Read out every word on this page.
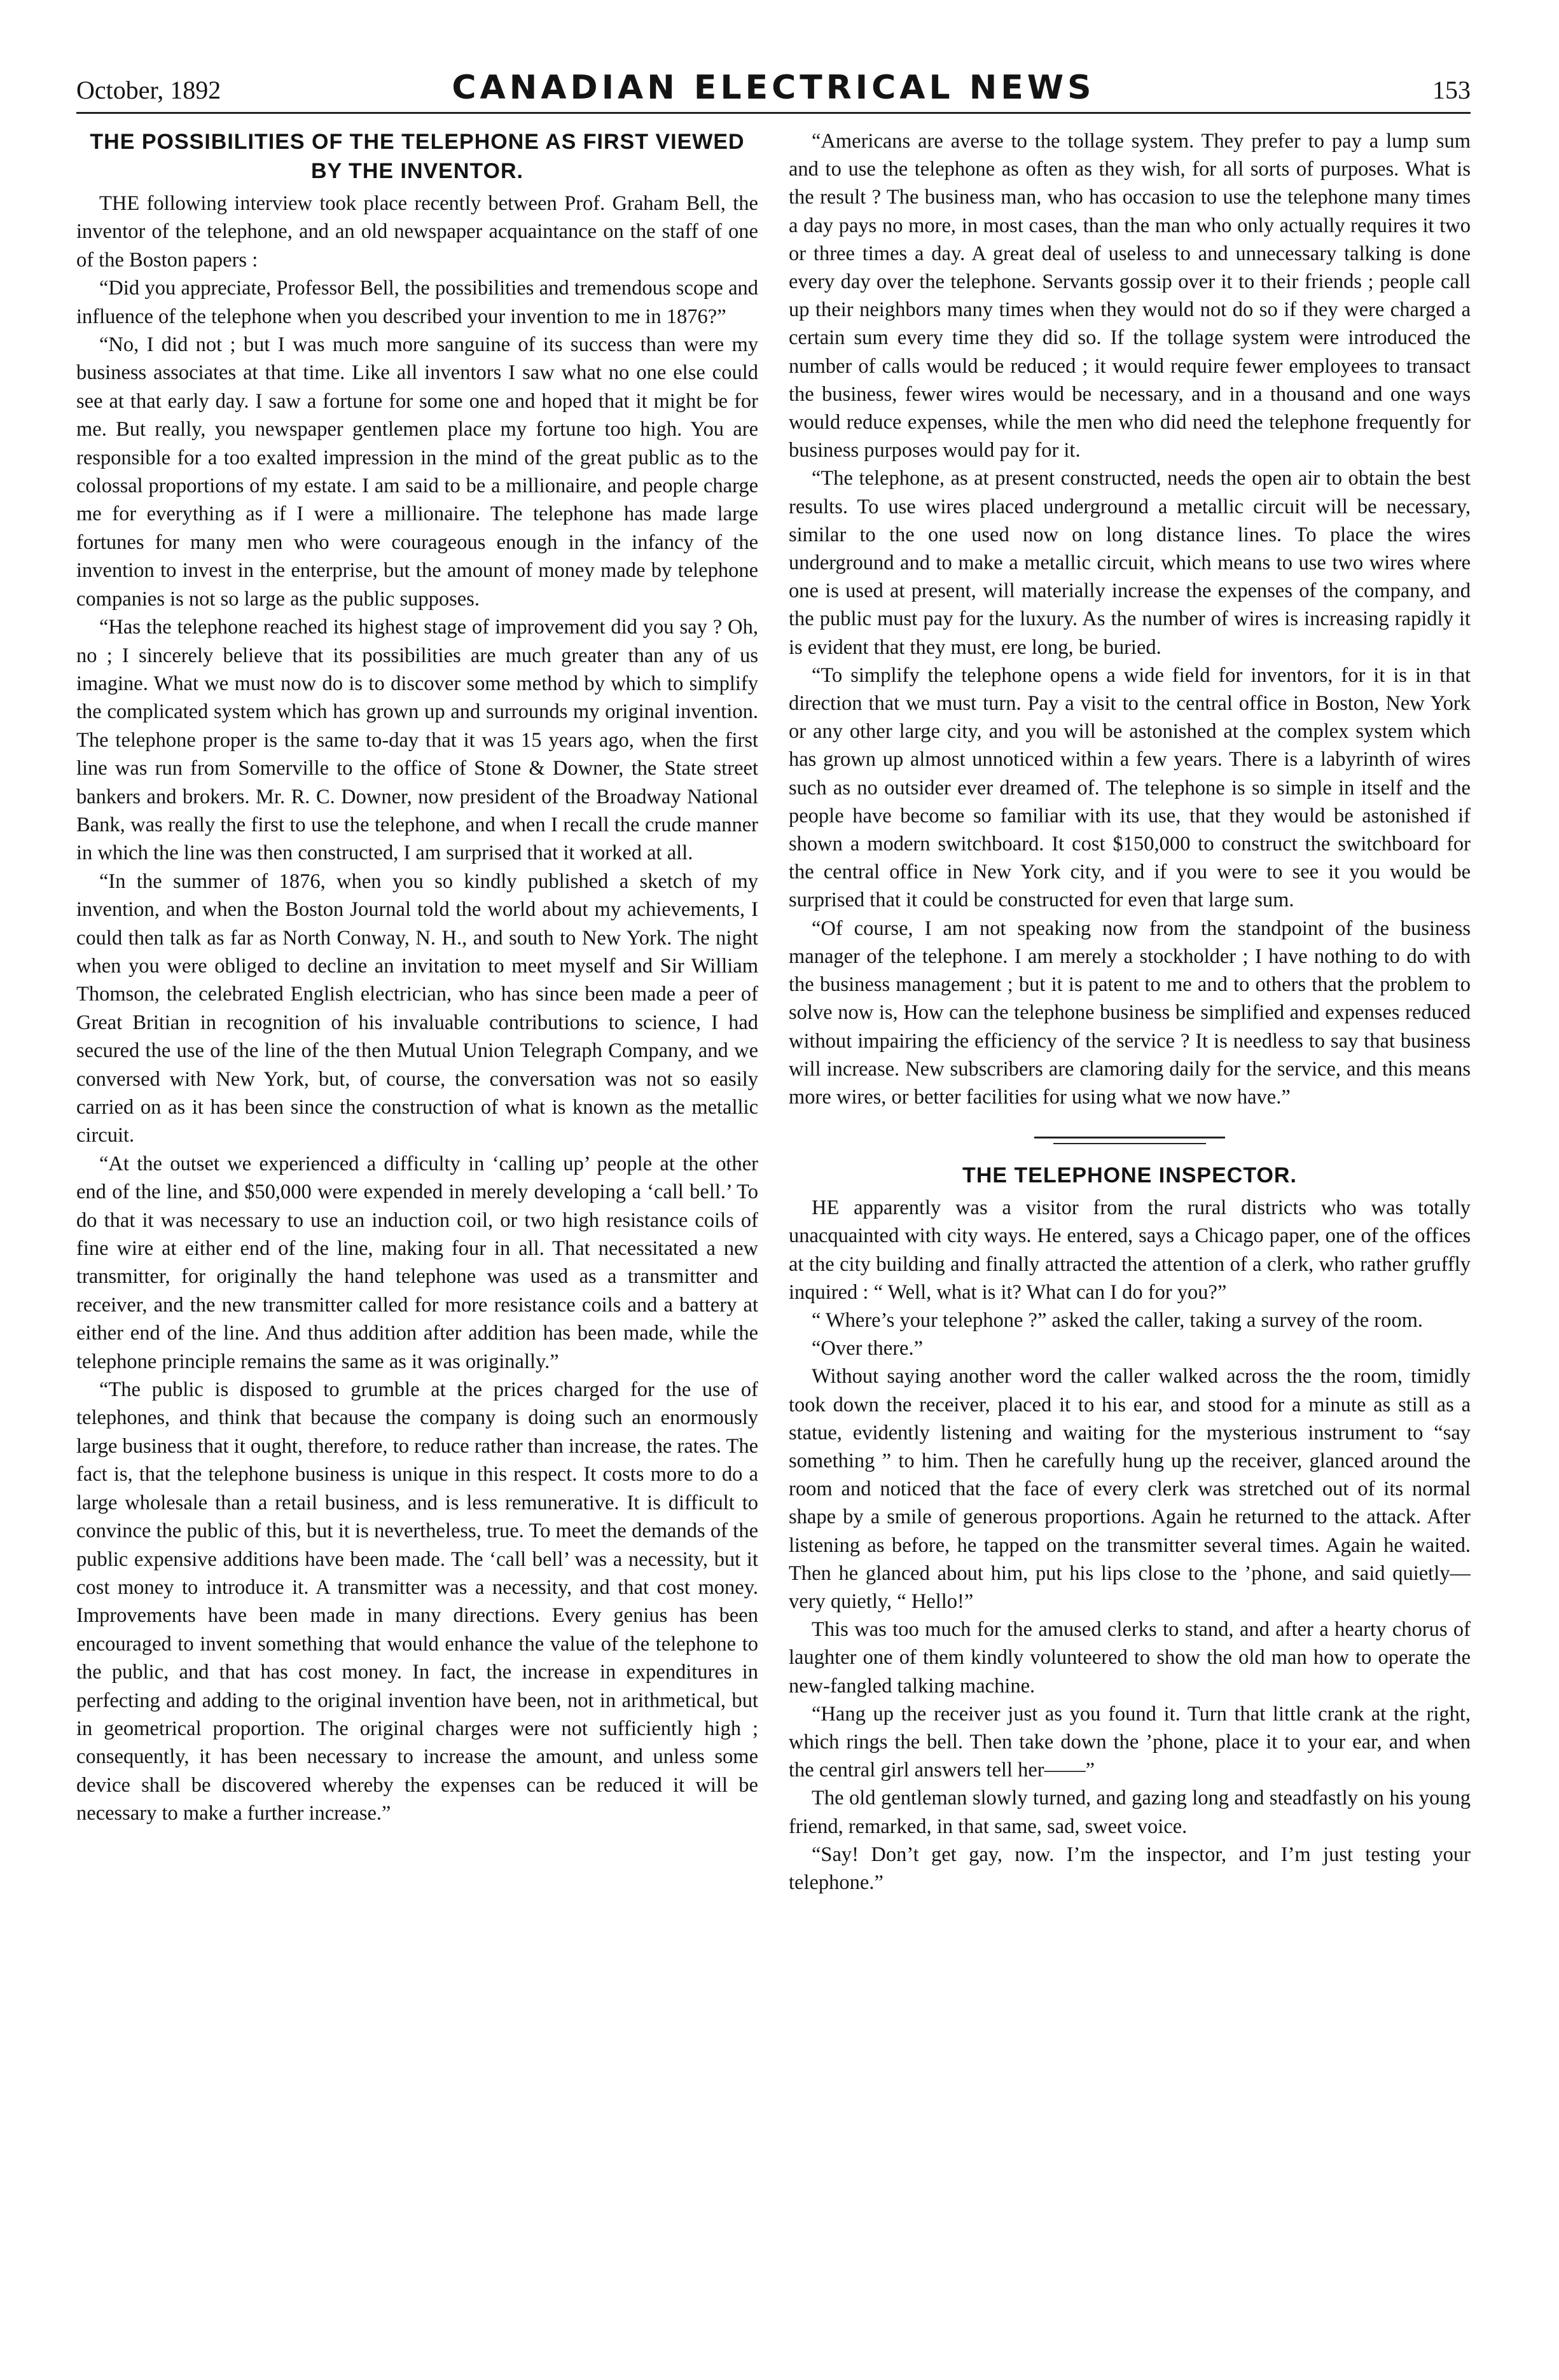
October, 1892	CANADIAN ELECTRICAL NEWS	153
THE POSSIBILITIES OF THE TELEPHONE AS FIRST VIEWED BY THE INVENTOR.

THE following interview took place recently between Prof. Graham Bell, the inventor of the telephone, and an old newspaper acquaintance on the staff of one of the Boston papers :

“Did you appreciate, Professor Bell, the possibilities and tremendous scope and influence of the telephone when you described your invention to me in 1876?”

“No, I did not ; but I was much more sanguine of its success than were my business associates at that time. Like all inventors I saw what no one else could see at that early day. I saw a fortune for some one and hoped that it might be for me. But really, you newspaper gentlemen place my fortune too high. You are responsible for a too exalted impression in the mind of the great public as to the colossal proportions of my estate. I am said to be a millionaire, and people charge me for everything as if I were a millionaire. The telephone has made large fortunes for many men who were courageous enough in the infancy of the invention to invest in the enterprise, but the amount of money made by telephone companies is not so large as the public supposes.

“Has the telephone reached its highest stage of improvement did you say ? Oh, no ; I sincerely believe that its possibilities are much greater than any of us imagine. What we must now do is to discover some method by which to simplify the complicated system which has grown up and surrounds my original invention. The telephone proper is the same to-day that it was 15 years ago, when the first line was run from Somerville to the office of Stone & Downer, the State street bankers and brokers. Mr. R. C. Downer, now president of the Broadway National Bank, was really the first to use the telephone, and when I recall the crude manner in which the line was then constructed, I am surprised that it worked at all.

“In the summer of 1876, when you so kindly published a sketch of my invention, and when the Boston Journal told the world about my achievements, I could then talk as far as North Conway, N. H., and south to New York. The night when you were obliged to decline an invitation to meet myself and Sir William Thomson, the celebrated English electrician, who has since been made a peer of Great Britian in recognition of his invaluable contributions to science, I had secured the use of the line of the then Mutual Union Telegraph Company, and we conversed with New York, but, of course, the conversation was not so easily carried on as it has been since the construction of what is known as the metallic circuit.

“At the outset we experienced a difficulty in ‘calling up’ people at the other end of the line, and $50,000 were expended in merely developing a ‘call bell.’ To do that it was necessary to use an induction coil, or two high resistance coils of fine wire at either end of the line, making four in all. That necessitated a new transmitter, for originally the hand telephone was used as a transmitter and receiver, and the new transmitter called for more resistance coils and a battery at either end of the line. And thus addition after addition has been made, while the telephone principle remains the same as it was originally.”

“The public is disposed to grumble at the prices charged for the use of telephones, and think that because the company is doing such an enormously large business that it ought, therefore, to reduce rather than increase, the rates. The fact is, that the telephone business is unique in this respect. It costs more to do a large wholesale than a retail business, and is less remunerative. It is difficult to convince the public of this, but it is nevertheless, true. To meet the demands of the public expensive additions have been made. The ‘call bell’ was a necessity, but it cost money to introduce it. A transmitter was a necessity, and that cost money. Improvements have been made in many directions. Every genius has been encouraged to invent something that would enhance the value of the telephone to the public, and that has cost money. In fact, the increase in expenditures in perfecting and adding to the original invention have been, not in arithmetical, but in geometrical proportion. The original charges were not sufficiently high ; consequently, it has been necessary to increase the amount, and unless some device shall be discovered whereby the expenses can be reduced it will be necessary to make a further increase.”

“Americans are averse to the tollage system. They prefer to pay a lump sum and to use the telephone as often as they wish, for all sorts of purposes. What is the result ? The business man, who has occasion to use the telephone many times a day pays no more, in most cases, than the man who only actually requires it two or three times a day. A great deal of useless to and unnecessary talking is done every day over the telephone. Servants gossip over it to their friends ; people call up their neighbors many times when they would not do so if they were charged a certain sum every time they did so. If the tollage system were introduced the number of calls would be reduced ; it would require fewer employees to transact the business, fewer wires would be necessary, and in a thousand and one ways would reduce expenses, while the men who did need the telephone frequently for business purposes would pay for it.

“The telephone, as at present constructed, needs the open air to obtain the best results. To use wires placed underground a metallic circuit will be necessary, similar to the one used now on long distance lines. To place the wires underground and to make a metallic circuit, which means to use two wires where one is used at present, will materially increase the expenses of the company, and the public must pay for the luxury. As the number of wires is increasing rapidly it is evident that they must, ere long, be buried.

“To simplify the telephone opens a wide field for inventors, for it is in that direction that we must turn. Pay a visit to the central office in Boston, New York or any other large city, and you will be astonished at the complex system which has grown up almost unnoticed within a few years. There is a labyrinth of wires such as no outsider ever dreamed of. The telephone is so simple in itself and the people have become so familiar with its use, that they would be astonished if shown a modern switchboard. It cost $150,000 to construct the switchboard for the central office in New York city, and if you were to see it you would be surprised that it could be constructed for even that large sum.

“Of course, I am not speaking now from the standpoint of the business manager of the telephone. I am merely a stockholder ; I have nothing to do with the business management ; but it is patent to me and to others that the problem to solve now is, How can the telephone business be simplified and expenses reduced without impairing the efficiency of the service ? It is needless to say that business will increase. New subscribers are clamoring daily for the service, and this means more wires, or better facilities for using what we now have.”

THE TELEPHONE INSPECTOR.

HE apparently was a visitor from the rural districts who was totally unacquainted with city ways. He entered, says a Chicago paper, one of the offices at the city building and finally attracted the attention of a clerk, who rather gruffly inquired : “ Well, what is it? What can I do for you?”

“ Where’s your telephone ?” asked the caller, taking a survey of the room.

“Over there.”

Without saying another word the caller walked across the the room, timidly took down the receiver, placed it to his ear, and stood for a minute as still as a statue, evidently listening and waiting for the mysterious instrument to “say something ” to him. Then he carefully hung up the receiver, glanced around the room and noticed that the face of every clerk was stretched out of its normal shape by a smile of generous proportions. Again he returned to the attack. After listening as before, he tapped on the transmitter several times. Again he waited. Then he glanced about him, put his lips close to the ’phone, and said quietly—very quietly, “ Hello!”

This was too much for the amused clerks to stand, and after a hearty chorus of laughter one of them kindly volunteered to show the old man how to operate the new-fangled talking machine.

“Hang up the receiver just as you found it. Turn that little crank at the right, which rings the bell. Then take down the ’phone, place it to your ear, and when the central girl answers tell her——”

The old gentleman slowly turned, and gazing long and steadfastly on his young friend, remarked, in that same, sad, sweet voice.

“Say! Don’t get gay, now. I’m the inspector, and I’m just testing your telephone.”
